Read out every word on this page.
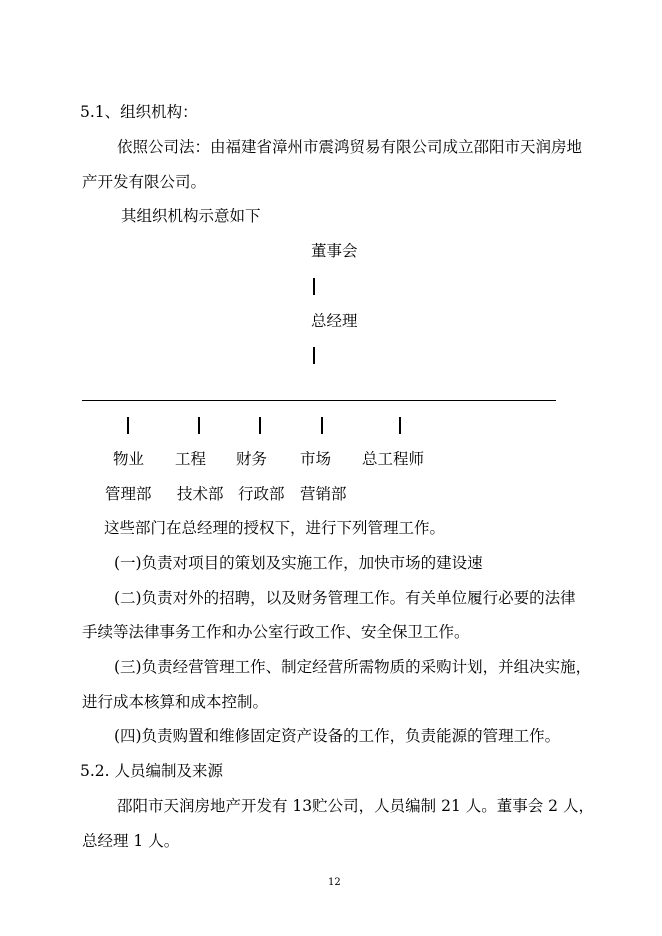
5.1、组织机构：
依照公司法：由福建省漳州市震鸿贸易有限公司成立邵阳市天润房地
产开发有限公司。
其组织机构示意如下
董事会
总经理
物业 工程 财务 市场 总工程师
管理部 技术部 行政部 营销部
这些部门在总经理的授权下，进行下列管理工作。
(一)负责对项目的策划及实施工作，加快市场的建设速
(二)负责对外的招聘，以及财务管理工作。有关单位履行必要的法律
手续等法律事务工作和办公室行政工作、安全保卫工作。
(三)负责经营管理工作、制定经营所需物质的采购计划，并组决实施，
进行成本核算和成本控制。
(四)负责购置和维修固定资产设备的工作，负责能源的管理工作。
5.2. 人员编制及来源
邵阳市天润房地产开发有 13贮公司，人员编制 21 人。董事会 2 人，
总经理 1 人。
12
